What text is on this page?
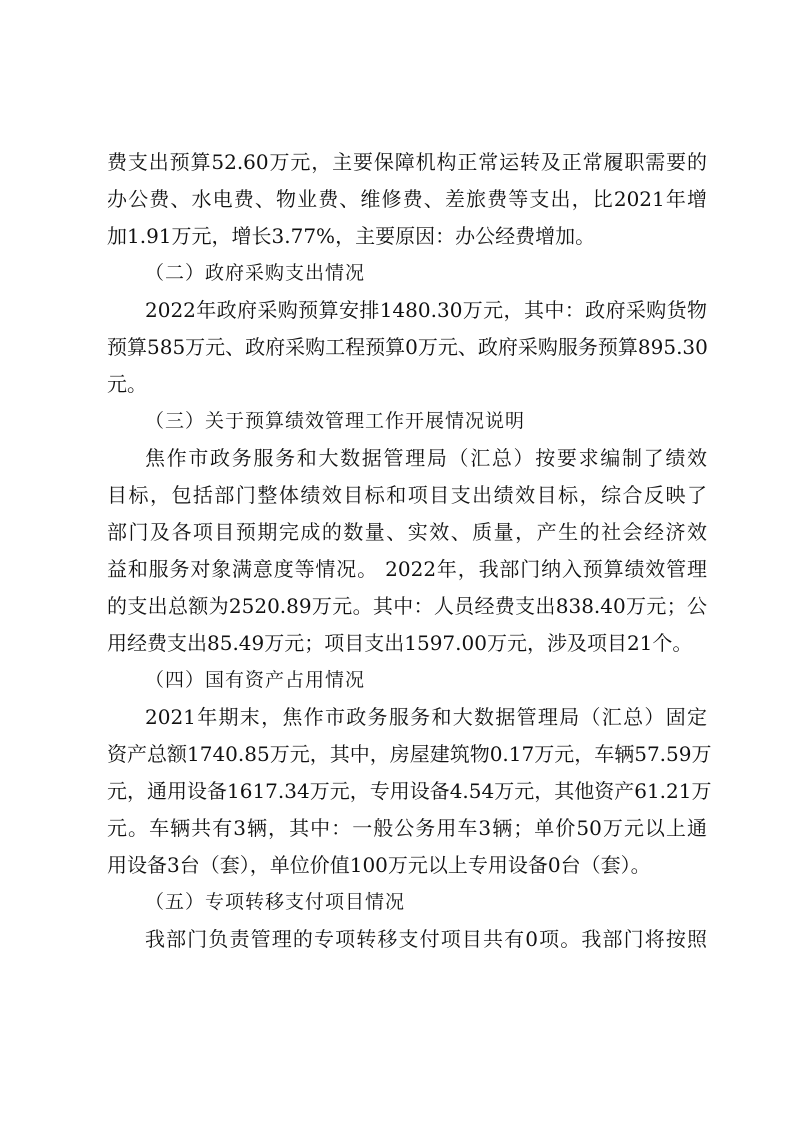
费支出预算52.60万元，主要保障机构正常运转及正常履职需要的
办公费、水电费、物业费、维修费、差旅费等支出，比2021年增
加1.91万元，增长3.77%，主要原因：办公经费增加。
（二）政府采购支出情况
2022年政府采购预算安排1480.30万元，其中：政府采购货物
预算585万元、政府采购工程预算0万元、政府采购服务预算895.30
元。
（三）关于预算绩效管理工作开展情况说明
焦作市政务服务和大数据管理局（汇总）按要求编制了绩效
目标，包括部门整体绩效目标和项目支出绩效目标，综合反映了
部门及各项目预期完成的数量、实效、质量，产生的社会经济效
益和服务对象满意度等情况。 2022年，我部门纳入预算绩效管理
的支出总额为2520.89万元。其中：人员经费支出838.40万元；公
用经费支出85.49万元；项目支出1597.00万元，涉及项目21个。
（四）国有资产占用情况
2021年期末，焦作市政务服务和大数据管理局（汇总）固定
资产总额1740.85万元，其中，房屋建筑物0.17万元，车辆57.59万
元，通用设备1617.34万元，专用设备4.54万元，其他资产61.21万
元。车辆共有3辆，其中：一般公务用车3辆；单价50万元以上通
用设备3台（套），单位价值100万元以上专用设备0台（套）。
（五）专项转移支付项目情况
我部门负责管理的专项转移支付项目共有0项。我部门将按照
